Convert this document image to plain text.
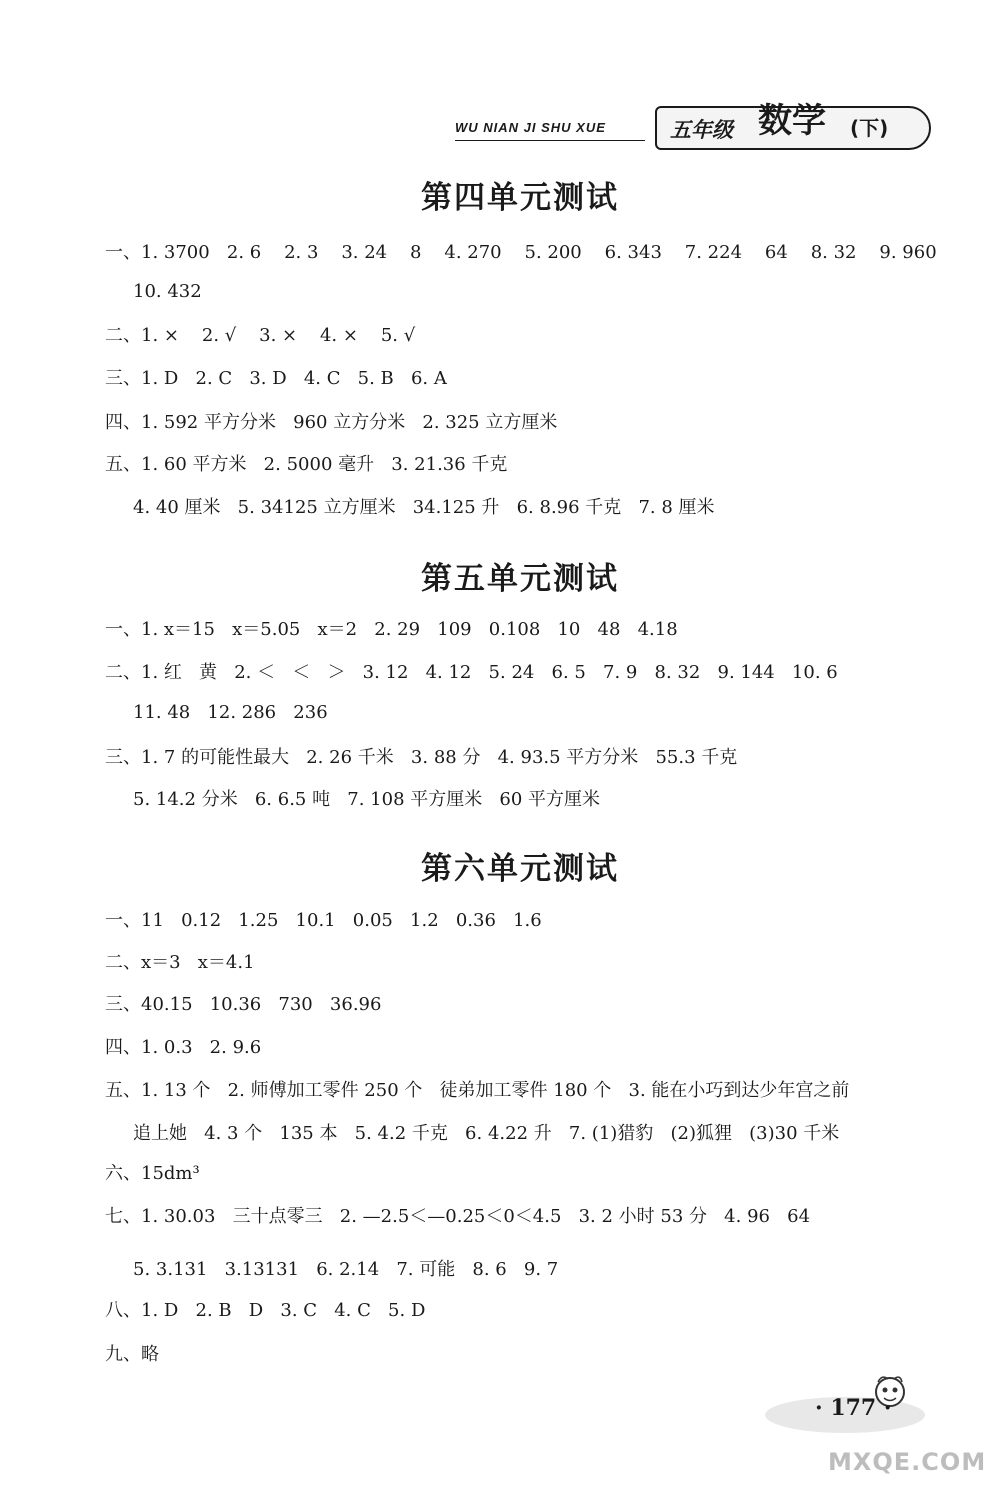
WU NIAN JI SHU XUE	五年级 数学 (下)
第四单元测试
一、1. 3700   2. 6    2. 3    3. 24    8    4. 270    5. 200    6. 343    7. 224    64    8. 32    9. 960
10. 432
二、1. ×    2. √    3. ×    4. ×    5. √
三、1. D   2. C   3. D   4. C   5. B   6. A
四、1. 592 平方分米   960 立方分米   2. 325 立方厘米
五、1. 60 平方米   2. 5000 毫升   3. 21.36 千克
4. 40 厘米   5. 34125 立方厘米   34.125 升   6. 8.96 千克   7. 8 厘米
第五单元测试
一、1. x＝15   x＝5.05   x＝2   2. 29   109   0.108   10   48   4.18
二、1. 红   黄   2. ＜   ＜   ＞   3. 12   4. 12   5. 24   6. 5   7. 9   8. 32   9. 144   10. 6
11. 48   12. 286   236
三、1. 7 的可能性最大   2. 26 千米   3. 88 分   4. 93.5 平方分米   55.3 千克
5. 14.2 分米   6. 6.5 吨   7. 108 平方厘米   60 平方厘米
第六单元测试
一、11   0.12   1.25   10.1   0.05   1.2   0.36   1.6
二、x＝3   x＝4.1
三、40.15   10.36   730   36.96
四、1. 0.3   2. 9.6
五、1. 13 个   2. 师傅加工零件 250 个   徒弟加工零件 180 个   3. 能在小巧到达少年宫之前
追上她   4. 3 个   135 本   5. 4.2 千克   6. 4.22 升   7. (1)猎豹   (2)狐狸   (3)30 千米
六、15dm³
七、1. 30.03   三十点零三   2. —2.5＜—0.25＜0＜4.5   3. 2 小时 53 分   4. 96   64
5. 3.131   3.13131   6. 2.14   7. 可能   8. 6   9. 7
八、1. D   2. B   D   3. C   4. C   5. D
九、略
· 177 ·
MXQE.COM
